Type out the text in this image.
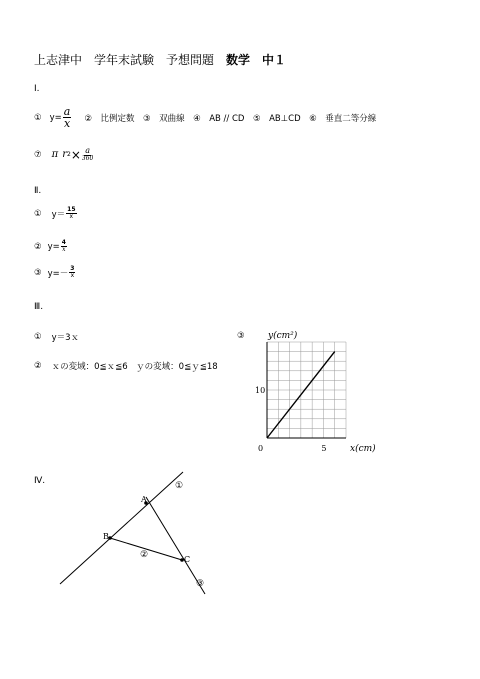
上志津中　学年末試験　予想問題　数学　中１
Ⅰ.
① $y= \frac{a}{x}$ ②　比例定数　③　双曲線　④　AB // CD　⑤　AB⊥CD　⑥　垂直二等分線
⑦ π r $2 \times \frac{a}{360}$
Ⅱ.
① $y= \frac{15}{x}$
② $y= \frac{4}{x}$
③ $y=- \frac{3}{x}$
Ⅲ.
① y＝3ｘ
② ｘの変域：0≦ｘ≦6　ｙの変域：0≦ｙ≦18
③	y(cm²)
x(cm)
0	5
10
Ⅳ.
A
B
C
①
②
③
